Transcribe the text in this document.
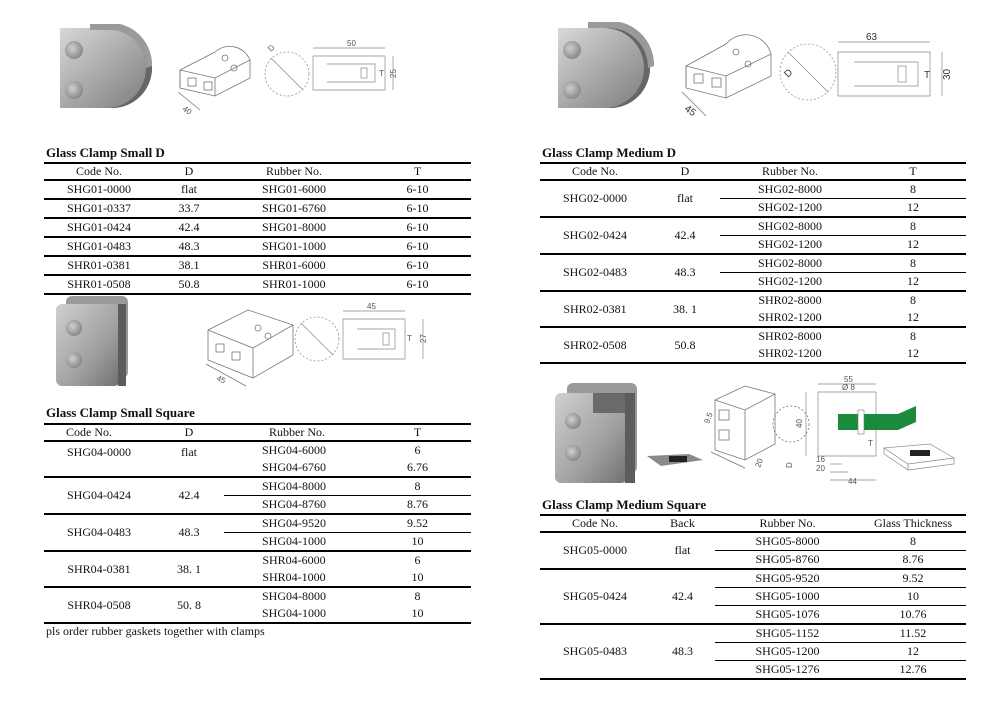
40
50
25
D
T
Glass Clamp Small D
Code No.	D	Rubber No.	T
SHG01-0000	flat	SHG01-6000	6-10
SHG01-0337	33.7	SHG01-6760	6-10
SHG01-0424	42.4	SHG01-8000	6-10
SHG01-0483	48.3	SHG01-1000	6-10
SHR01-0381	38.1	SHR01-6000	6-10
SHR01-0508	50.8	SHR01-1000	6-10
45
45
27
T
Glass Clamp Small Square
Code No.	D	Rubber No.	T
SHG04-0000	flat	SHG04-6000	6
		SHG04-6760	6.76
SHG04-0424	42.4	SHG04-8000	8
		SHG04-8760	8.76
SHG04-0483	48.3	SHG04-9520	9.52
		SHG04-1000	10
SHR04-0381	38. 1	SHR04-6000	6
		SHR04-1000	10
SHR04-0508	50. 8	SHG04-8000	8
		SHG04-1000	10
pls order rubber gaskets together with clamps
45
63
30
D	T
Glass Clamp Medium D
Code No.	D	Rubber No.	T
SHG02-0000	flat	SHG02-8000	8
		SHG02-1200	12
SHG02-0424	42.4	SHG02-8000	8
		SHG02-1200	12
SHG02-0483	48.3	SHG02-8000	8
		SHG02-1200	12
SHR02-0381	38. 1	SHR02-8000	8
		SHR02-1200	12
SHR02-0508	50.8	SHR02-8000	8
		SHR02-1200	12
9.5
20
55
Ø 8
16
20
44
40
T
D
Glass Clamp Medium Square
Code No.	Back	Rubber No.	Glass Thickness
SHG05-0000	flat	SHG05-8000	8
		SHG05-8760	8.76
SHG05-0424	42.4	SHG05-9520	9.52
		SHG05-1000	10
		SHG05-1076	10.76
SHG05-0483	48.3	SHG05-1152	11.52
		SHG05-1200	12
		SHG05-1276	12.76
